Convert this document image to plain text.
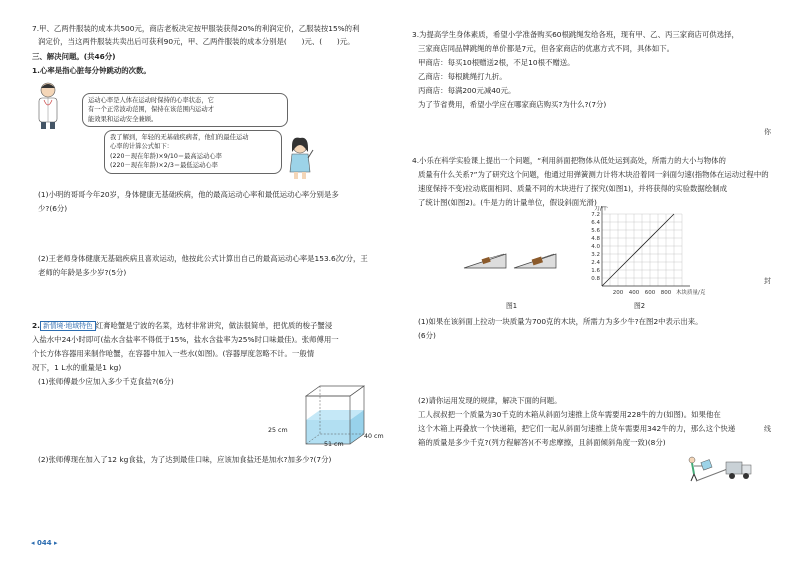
7.甲、乙两件服装的成本共500元，商店老板决定按甲服装获得20%的利润定价，乙服装按15%的利
润定价，当这两件服装共卖出后可获利90元，甲、乙两件服装的成本分别是(　　)元、(　　)元。
三、解决问题。(共46分)
1.心率是指心脏每分钟跳动的次数。
运动心率是人体在运动时保持的心率状态，它
有一个正常波动范围，保持在该范围内运动才
能效果和运动安全兼顾。
我了解到，年轻的无基础疾病者，他们的最佳运动
心率的计算公式如下：
(220－现在年龄)×9/10＝最高运动心率
(220－现在年龄)×2/3＝最低运动心率
(1)小明的哥哥今年20岁，身体健康无基础疾病，他的最高运动心率和最低运动心率分别是多
少?(6分)
(2)王老师身体健康无基础疾病且喜欢运动，他按此公式计算出自己的最高运动心率是153.6次/分，王
老师的年龄是多少岁?(5分)
2. 新情境·地域特色 红膏呛蟹是宁波的名菜，选材非常讲究，做法很简单，把优质的梭子蟹浸
入盐水中24小时即可(盐水含盐率不得低于15%，盐水含盐率为25%时口味最佳)。张师傅用一
个长方体容器用来制作呛蟹，在容器中加入一些水(如图)。(容器厚度忽略不计。一般情
况下，1 L水的重量是1 kg)
(1)张师傅最少应加入多少千克食盐?(6分)
25 cm
51 cm
40 cm
(2)张师傅现在加入了12 kg食盐，为了达到最佳口味，应该加食盐还是加水?加多少?(7分)
◂ 044 ▸
3.为提高学生身体素质，希望小学准备购买60根跳绳发给各班，现有甲、乙、丙三家商店可供选择，
三家商店同品牌跳绳的单价都是7元，但各家商店的优惠方式不同，具体如下。
甲商店：每买10根赠送2根，不足10根不赠送。
乙商店：每根跳绳打九折。
丙商店：每满200元减40元。
为了节省费用，希望小学应在哪家商店购买?为什么?(7分)
4.小乐在科学实验课上提出一个问题，“利用斜面把物体从低处运到高处，所需力的大小与物体的
质量有什么关系?”为了研究这个问题，他通过用弹簧测力计将木块沿着同一斜面匀速(指物体在运动过程中的
速度保持不变)拉动底面相同、质量不同的木块进行了探究(如图1)，并将获得的实验数据绘制成
了统计图(如图2)。(牛是力的计量单位，假设斜面光滑)
图1
0.8
1.6
2.4
3.2
4.0
4.8
5.6
6.4
7.2
200 400 600 800 木块质量/克
力/牛
图2
(1)如果在该斜面上拉动一块质量为700克的木块，所需力为多少牛?在图2中表示出来。
(6分)
(2)请你运用发现的规律，解决下面的问题。
工人叔叔把一个质量为30千克的木箱从斜面匀速推上货车需要用228牛的力(如图)。如果他在
这个木箱上再叠放一个快递箱，把它们一起从斜面匀速推上货车需要用342牛的力，那么这个快递
箱的质量是多少千克?(列方程解答)(不考虑摩擦，且斜面倾斜角度一致)(8分)
你
封
线
